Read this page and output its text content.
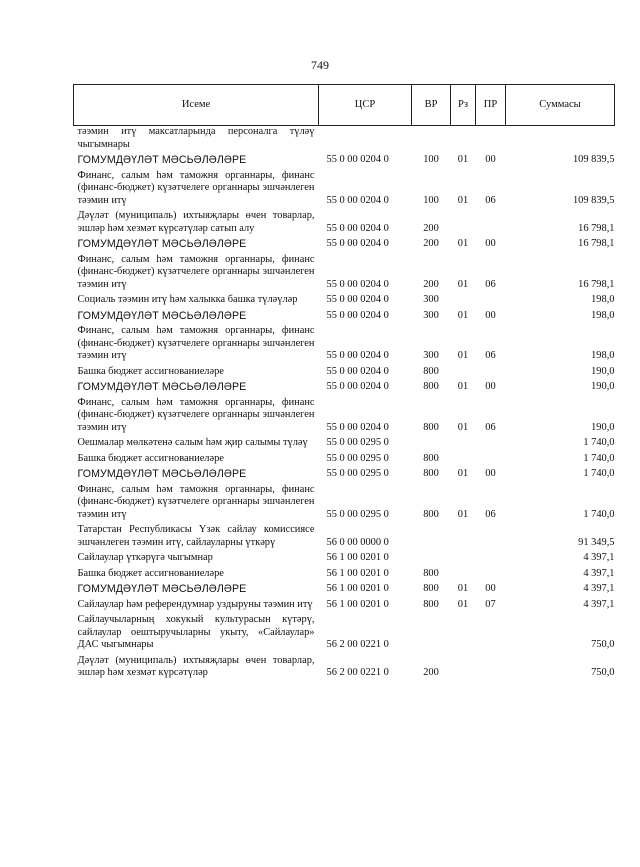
749
Исеме	ЦСР	ВР	Рз	ПР	Суммасы
тәэмин итү максатларында персоналга түләү чыгымнары					
ГОМУМДӘҮЛӘТ МӘСЬӘЛӘЛӘРЕ	55 0 00 0204 0	100	01	00	109 839,5
Финанс, салым һәм таможня органнары, финанс (финанс-бюджет) күзәтчелеге органнары эшчәнлеген тәэмин итү	55 0 00 0204 0	100	01	06	109 839,5
Дәүләт (муниципаль) ихтыяҗлары өчен товарлар, эшләр һәм хезмәт күрсәтүләр сатып алу	55 0 00 0204 0	200			16 798,1
ГОМУМДӘҮЛӘТ МӘСЬӘЛӘЛӘРЕ	55 0 00 0204 0	200	01	00	16 798,1
Финанс, салым һәм таможня органнары, финанс (финанс-бюджет) күзәтчелеге органнары эшчәнлеген тәэмин итү	55 0 00 0204 0	200	01	06	16 798,1
Социаль тәэмин итү һәм халыкка башка түләүләр	55 0 00 0204 0	300			198,0
ГОМУМДӘҮЛӘТ МӘСЬӘЛӘЛӘРЕ	55 0 00 0204 0	300	01	00	198,0
Финанс, салым һәм таможня органнары, финанс (финанс-бюджет) күзәтчелеге органнары эшчәнлеген тәэмин итү	55 0 00 0204 0	300	01	06	198,0
Башка бюджет ассигнованиеләре	55 0 00 0204 0	800			190,0
ГОМУМДӘҮЛӘТ МӘСЬӘЛӘЛӘРЕ	55 0 00 0204 0	800	01	00	190,0
Финанс, салым һәм таможня органнары, финанс (финанс-бюджет) күзәтчелеге органнары эшчәнлеген тәэмин итү	55 0 00 0204 0	800	01	06	190,0
Оешмалар мөлкәтенә салым һәм җир салымы түләү	55 0 00 0295 0				1 740,0
Башка бюджет ассигнованиеләре	55 0 00 0295 0	800			1 740,0
ГОМУМДӘҮЛӘТ МӘСЬӘЛӘЛӘРЕ	55 0 00 0295 0	800	01	00	1 740,0
Финанс, салым һәм таможня органнары, финанс (финанс-бюджет) күзәтчелеге органнары эшчәнлеген тәэмин итү	55 0 00 0295 0	800	01	06	1 740,0
Татарстан Республикасы Үзәк сайлау комиссиясе эшчәнлеген тәэмин итү, сайлауларны үткәрү	56 0 00 0000 0				91 349,5
Сайлаулар үткәрүгә чыгымнар	56 1 00 0201 0				4 397,1
Башка бюджет ассигнованиеләре	56 1 00 0201 0	800			4 397,1
ГОМУМДӘҮЛӘТ МӘСЬӘЛӘЛӘРЕ	56 1 00 0201 0	800	01	00	4 397,1
Сайлаулар һәм референдумнар уздыруны тәэмин итү	56 1 00 0201 0	800	01	07	4 397,1
Сайлаучыларның хокукый культурасын күтәрү, сайлаулар оештыручыларны укыту, «Сайлаулар» ДАС чыгымнары	56 2 00 0221 0				750,0
Дәүләт (муниципаль) ихтыяҗлары өчен товарлар, эшләр һәм хезмәт күрсәтүләр	56 2 00 0221 0	200			750,0
